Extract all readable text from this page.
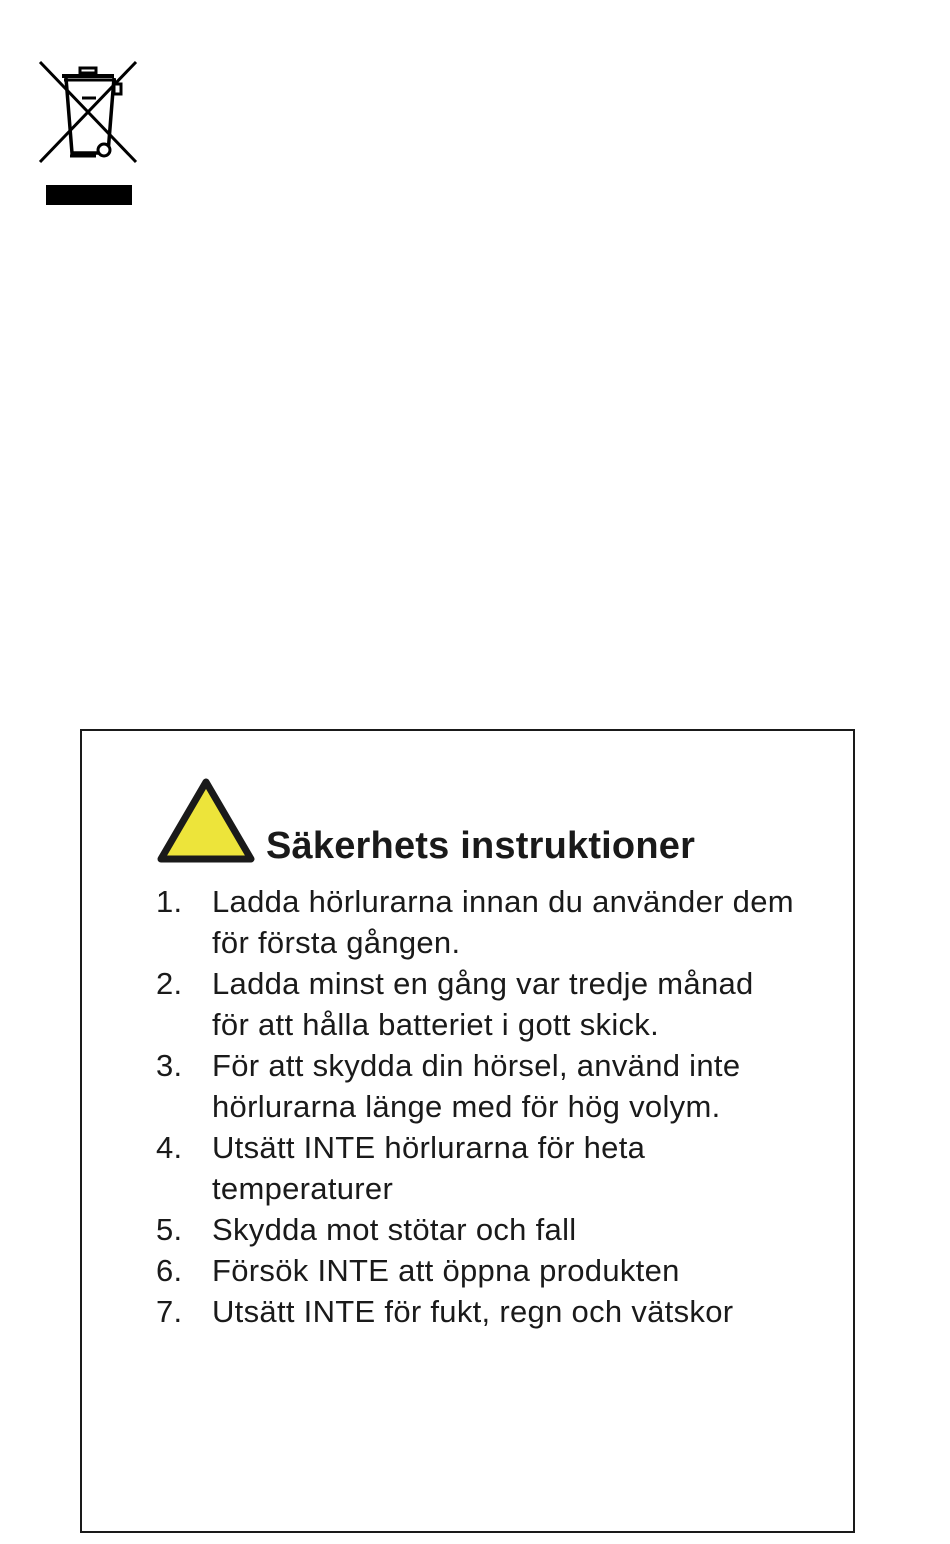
Säkerhets instruktioner
1. Ladda hörlurarna innan du använder dem för första gången.
2. Ladda minst en gång var tredje månad för att hålla batteriet i gott skick.
3. För att skydda din hörsel, använd inte hörlurarna länge med för hög volym.
4. Utsätt INTE hörlurarna för heta temperaturer
5. Skydda mot stötar och fall
6. Försök INTE att öppna produkten
7. Utsätt INTE för fukt, regn och vätskor
